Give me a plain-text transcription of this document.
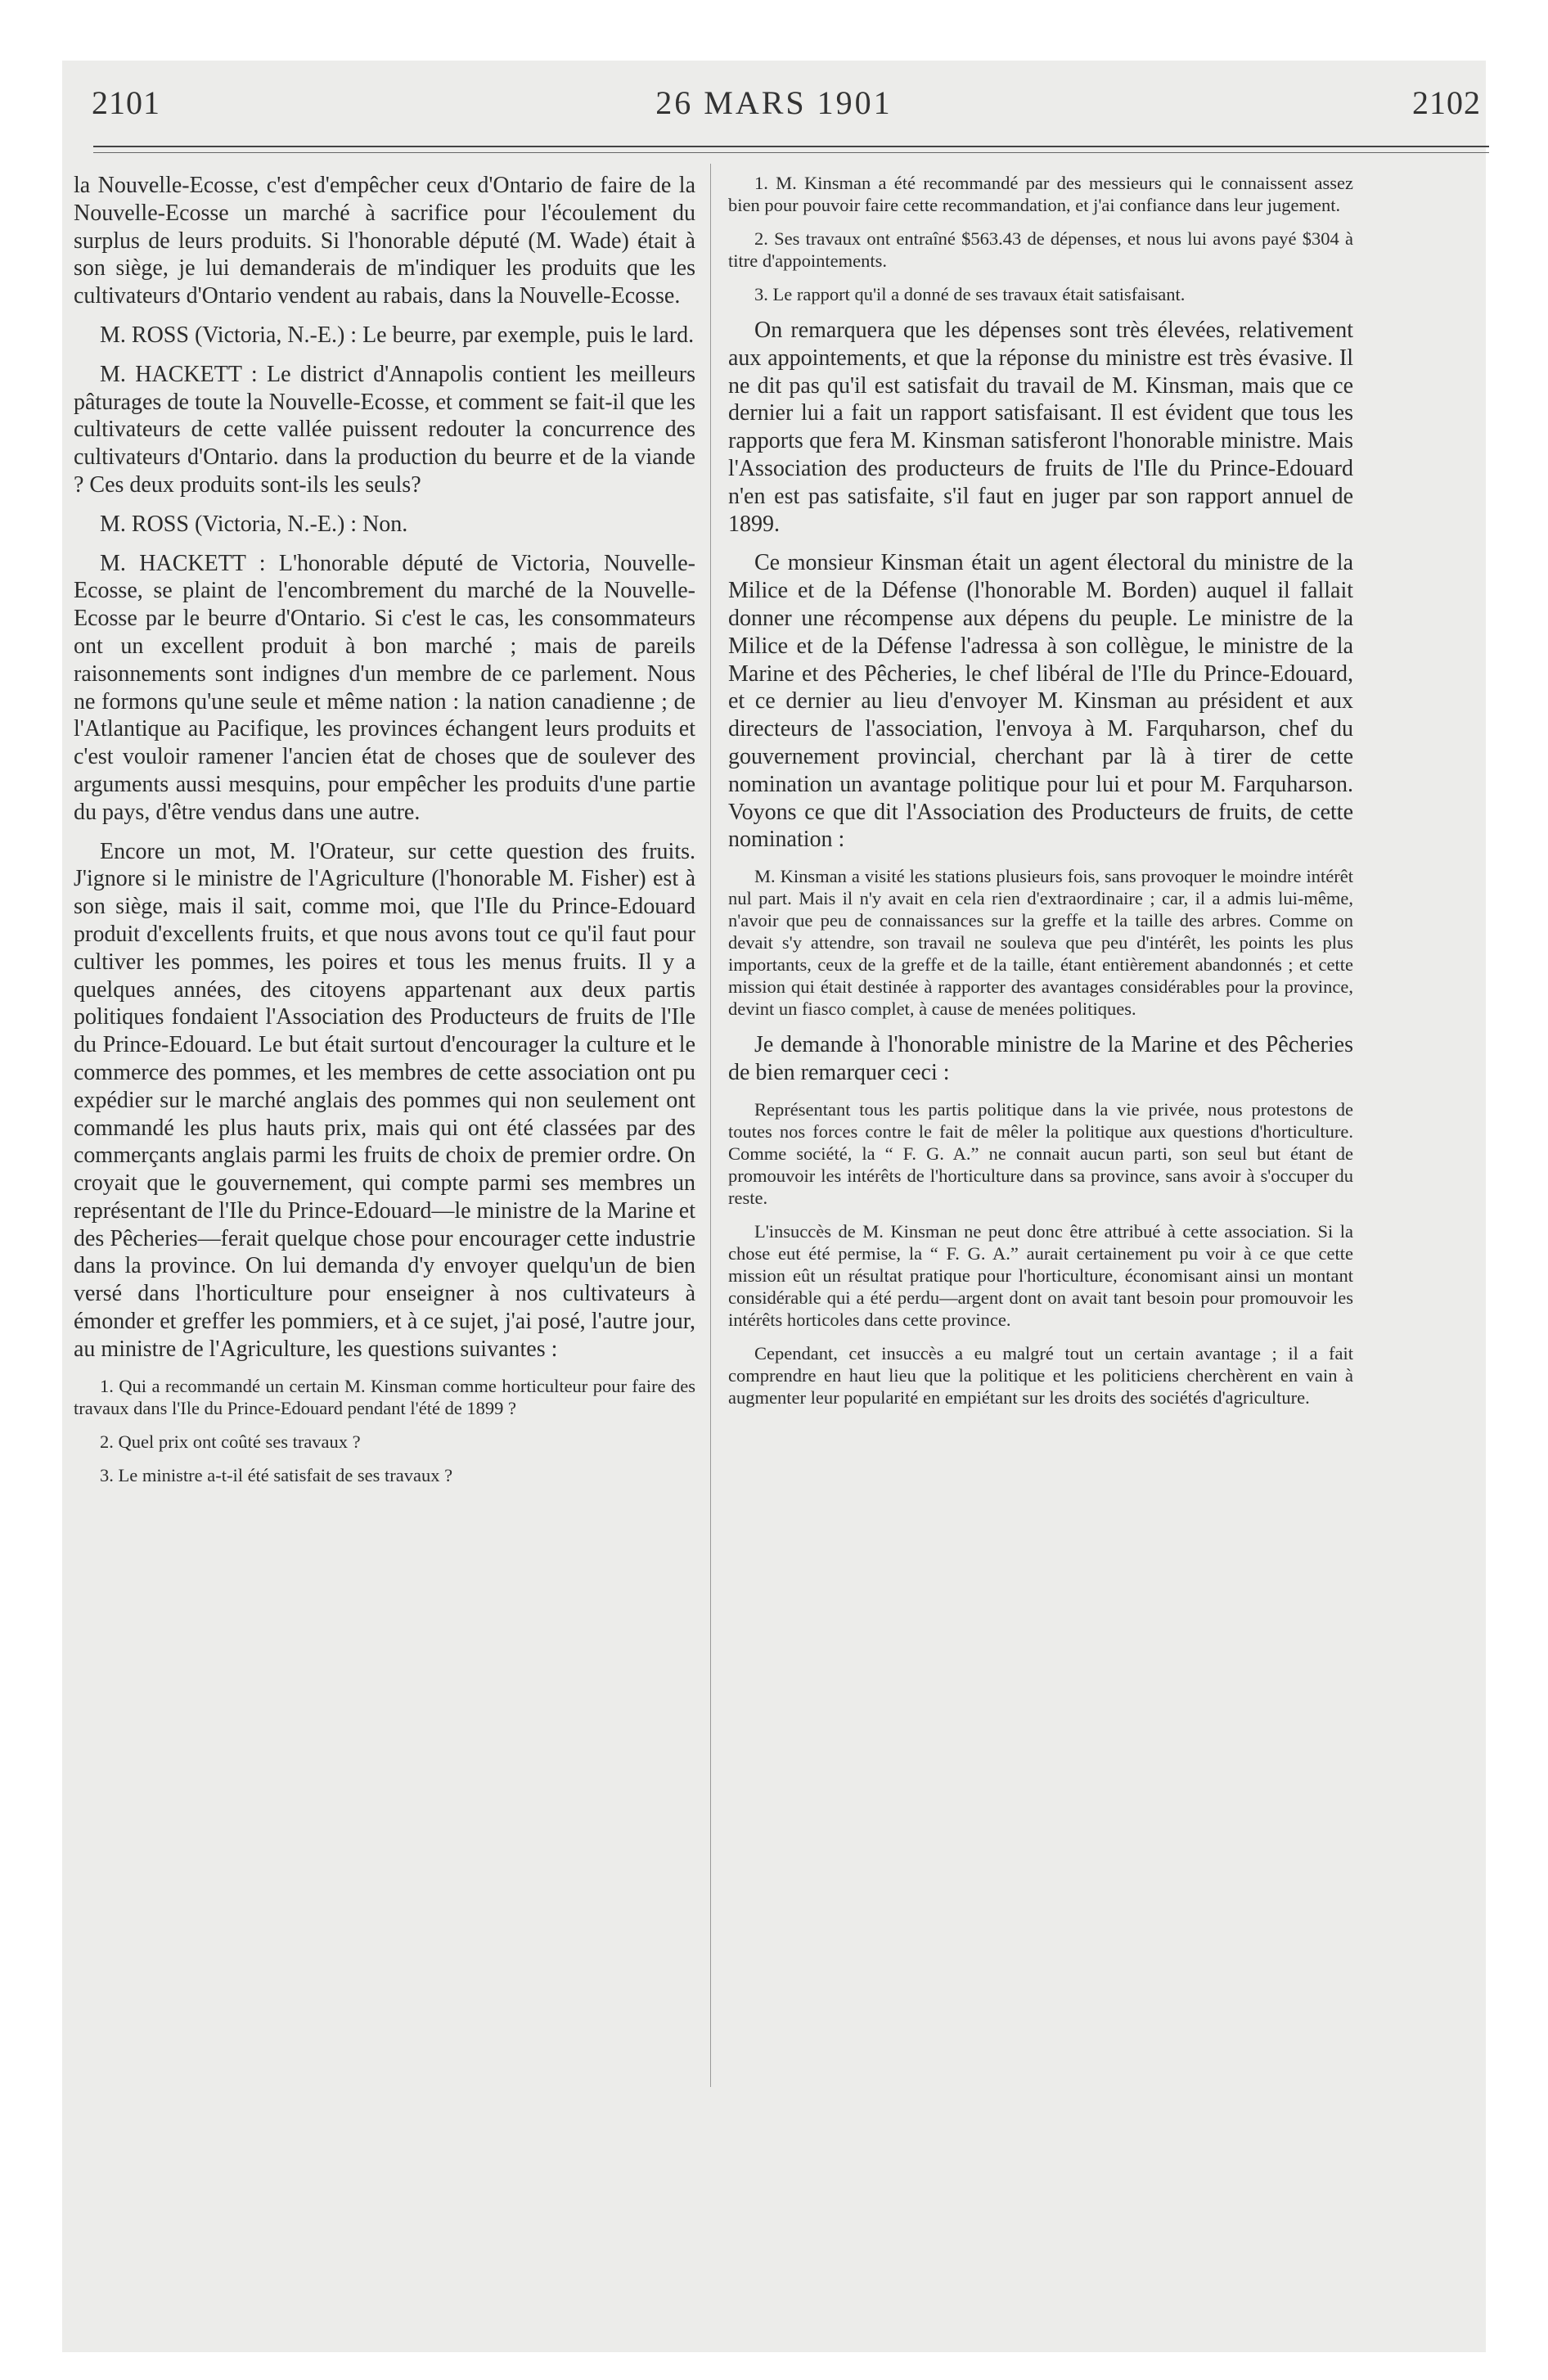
2101	26 MARS 1901	2102

la Nouvelle-Ecosse, c'est d'empêcher ceux d'Ontario de faire de la Nouvelle-Ecosse un marché à sacrifice pour l'écoulement du surplus de leurs produits. Si l'honorable député (M. Wade) était à son siège, je lui demanderais de m'indiquer les produits que les cultivateurs d'Ontario vendent au rabais, dans la Nouvelle-Ecosse.

M. ROSS (Victoria, N.-E.) : Le beurre, par exemple, puis le lard.

M. HACKETT : Le district d'Annapolis contient les meilleurs pâturages de toute la Nouvelle-Ecosse, et comment se fait-il que les cultivateurs de cette vallée puissent redouter la concurrence des cultivateurs d'Ontario. dans la production du beurre et de la viande ? Ces deux produits sont-ils les seuls?

M. ROSS (Victoria, N.-E.) : Non.

M. HACKETT : L'honorable député de Victoria, Nouvelle-Ecosse, se plaint de l'encombrement du marché de la Nouvelle-Ecosse par le beurre d'Ontario. Si c'est le cas, les consommateurs ont un excellent produit à bon marché ; mais de pareils raisonnements sont indignes d'un membre de ce parlement. Nous ne formons qu'une seule et même nation : la nation canadienne ; de l'Atlantique au Pacifique, les provinces échangent leurs produits et c'est vouloir ramener l'ancien état de choses que de soulever des arguments aussi mesquins, pour empêcher les produits d'une partie du pays, d'être vendus dans une autre.

Encore un mot, M. l'Orateur, sur cette question des fruits. J'ignore si le ministre de l'Agriculture (l'honorable M. Fisher) est à son siège, mais il sait, comme moi, que l'Ile du Prince-Edouard produit d'excellents fruits, et que nous avons tout ce qu'il faut pour cultiver les pommes, les poires et tous les menus fruits. Il y a quelques années, des citoyens appartenant aux deux partis politiques fondaient l'Association des Producteurs de fruits de l'Ile du Prince-Edouard. Le but était surtout d'encourager la culture et le commerce des pommes, et les membres de cette association ont pu expédier sur le marché anglais des pommes qui non seulement ont commandé les plus hauts prix, mais qui ont été classées par des commerçants anglais parmi les fruits de choix de premier ordre. On croyait que le gouvernement, qui compte parmi ses membres un représentant de l'Ile du Prince-Edouard—le ministre de la Marine et des Pêcheries—ferait quelque chose pour encourager cette industrie dans la province. On lui demanda d'y envoyer quelqu'un de bien versé dans l'horticulture pour enseigner à nos cultivateurs à émonder et greffer les pommiers, et à ce sujet, j'ai posé, l'autre jour, au ministre de l'Agriculture, les questions suivantes :

1. Qui a recommandé un certain M. Kinsman comme horticulteur pour faire des travaux dans l'Ile du Prince-Edouard pendant l'été de 1899 ?

2. Quel prix ont coûté ses travaux ?

3. Le ministre a-t-il été satisfait de ses travaux ?

1. M. Kinsman a été recommandé par des messieurs qui le connaissent assez bien pour pouvoir faire cette recommandation, et j'ai confiance dans leur jugement.

2. Ses travaux ont entraîné $563.43 de dépenses, et nous lui avons payé $304 à titre d'appointements.

3. Le rapport qu'il a donné de ses travaux était satisfaisant.

On remarquera que les dépenses sont très élevées, relativement aux appointements, et que la réponse du ministre est très évasive. Il ne dit pas qu'il est satisfait du travail de M. Kinsman, mais que ce dernier lui a fait un rapport satisfaisant. Il est évident que tous les rapports que fera M. Kinsman satisferont l'honorable ministre. Mais l'Association des producteurs de fruits de l'Ile du Prince-Edouard n'en est pas satisfaite, s'il faut en juger par son rapport annuel de 1899.

Ce monsieur Kinsman était un agent électoral du ministre de la Milice et de la Défense (l'honorable M. Borden) auquel il fallait donner une récompense aux dépens du peuple. Le ministre de la Milice et de la Défense l'adressa à son collègue, le ministre de la Marine et des Pêcheries, le chef libéral de l'Ile du Prince-Edouard, et ce dernier au lieu d'envoyer M. Kinsman au président et aux directeurs de l'association, l'envoya à M. Farquharson, chef du gouvernement provincial, cherchant par là à tirer de cette nomination un avantage politique pour lui et pour M. Farquharson. Voyons ce que dit l'Association des Producteurs de fruits, de cette nomination :

M. Kinsman a visité les stations plusieurs fois, sans provoquer le moindre intérêt nul part. Mais il n'y avait en cela rien d'extraordinaire ; car, il a admis lui-même, n'avoir que peu de connaissances sur la greffe et la taille des arbres. Comme on devait s'y attendre, son travail ne souleva que peu d'intérêt, les points les plus importants, ceux de la greffe et de la taille, étant entièrement abandonnés ; et cette mission qui était destinée à rapporter des avantages considérables pour la province, devint un fiasco complet, à cause de menées politiques.

Je demande à l'honorable ministre de la Marine et des Pêcheries de bien remarquer ceci :

Représentant tous les partis politique dans la vie privée, nous protestons de toutes nos forces contre le fait de mêler la politique aux questions d'horticulture. Comme société, la “ F. G. A.” ne connait aucun parti, son seul but étant de promouvoir les intérêts de l'horticulture dans sa province, sans avoir à s'occuper du reste.

L'insuccès de M. Kinsman ne peut donc être attribué à cette association. Si la chose eut été permise, la “ F. G. A.” aurait certainement pu voir à ce que cette mission eût un résultat pratique pour l'horticulture, économisant ainsi un montant considérable qui a été perdu—argent dont on avait tant besoin pour promouvoir les intérêts horticoles dans cette province.

Cependant, cet insuccès a eu malgré tout un certain avantage ; il a fait comprendre en haut lieu que la politique et les politiciens cherchèrent en vain à augmenter leur popularité en empiétant sur les droits des sociétés d'agriculture.
